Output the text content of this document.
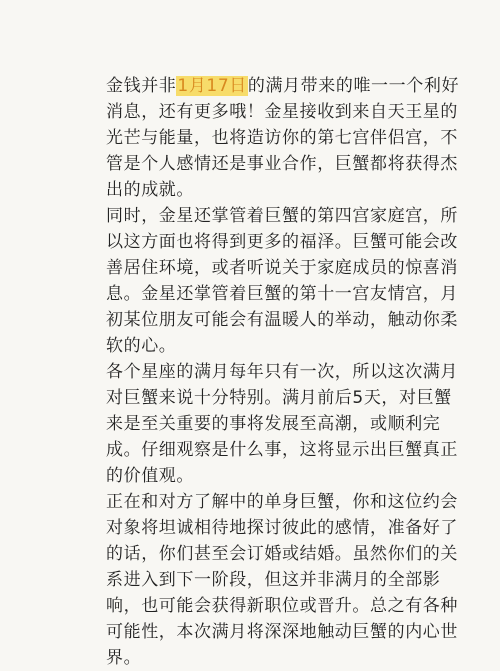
金钱并非1月17日的满月带来的唯一一个利好消息，还有更多哦！金星接收到来自天王星的光芒与能量，也将造访你的第七宫伴侣宫，不管是个人感情还是事业合作，巨蟹都将获得杰出的成就。

同时，金星还掌管着巨蟹的第四宫家庭宫，所以这方面也将得到更多的福泽。巨蟹可能会改善居住环境，或者听说关于家庭成员的惊喜消息。金星还掌管着巨蟹的第十一宫友情宫，月初某位朋友可能会有温暖人的举动，触动你柔软的心。

各个星座的满月每年只有一次，所以这次满月对巨蟹来说十分特别。满月前后5天，对巨蟹来是至关重要的事将发展至高潮，或顺利完成。仔细观察是什么事，这将显示出巨蟹真正的价值观。

正在和对方了解中的单身巨蟹，你和这位约会对象将坦诚相待地探讨彼此的感情，准备好了的话，你们甚至会订婚或结婚。虽然你们的关系进入到下一阶段，但这并非满月的全部影响，也可能会获得新职位或晋升。总之有各种可能性，本次满月将深深地触动巨蟹的内心世界。
